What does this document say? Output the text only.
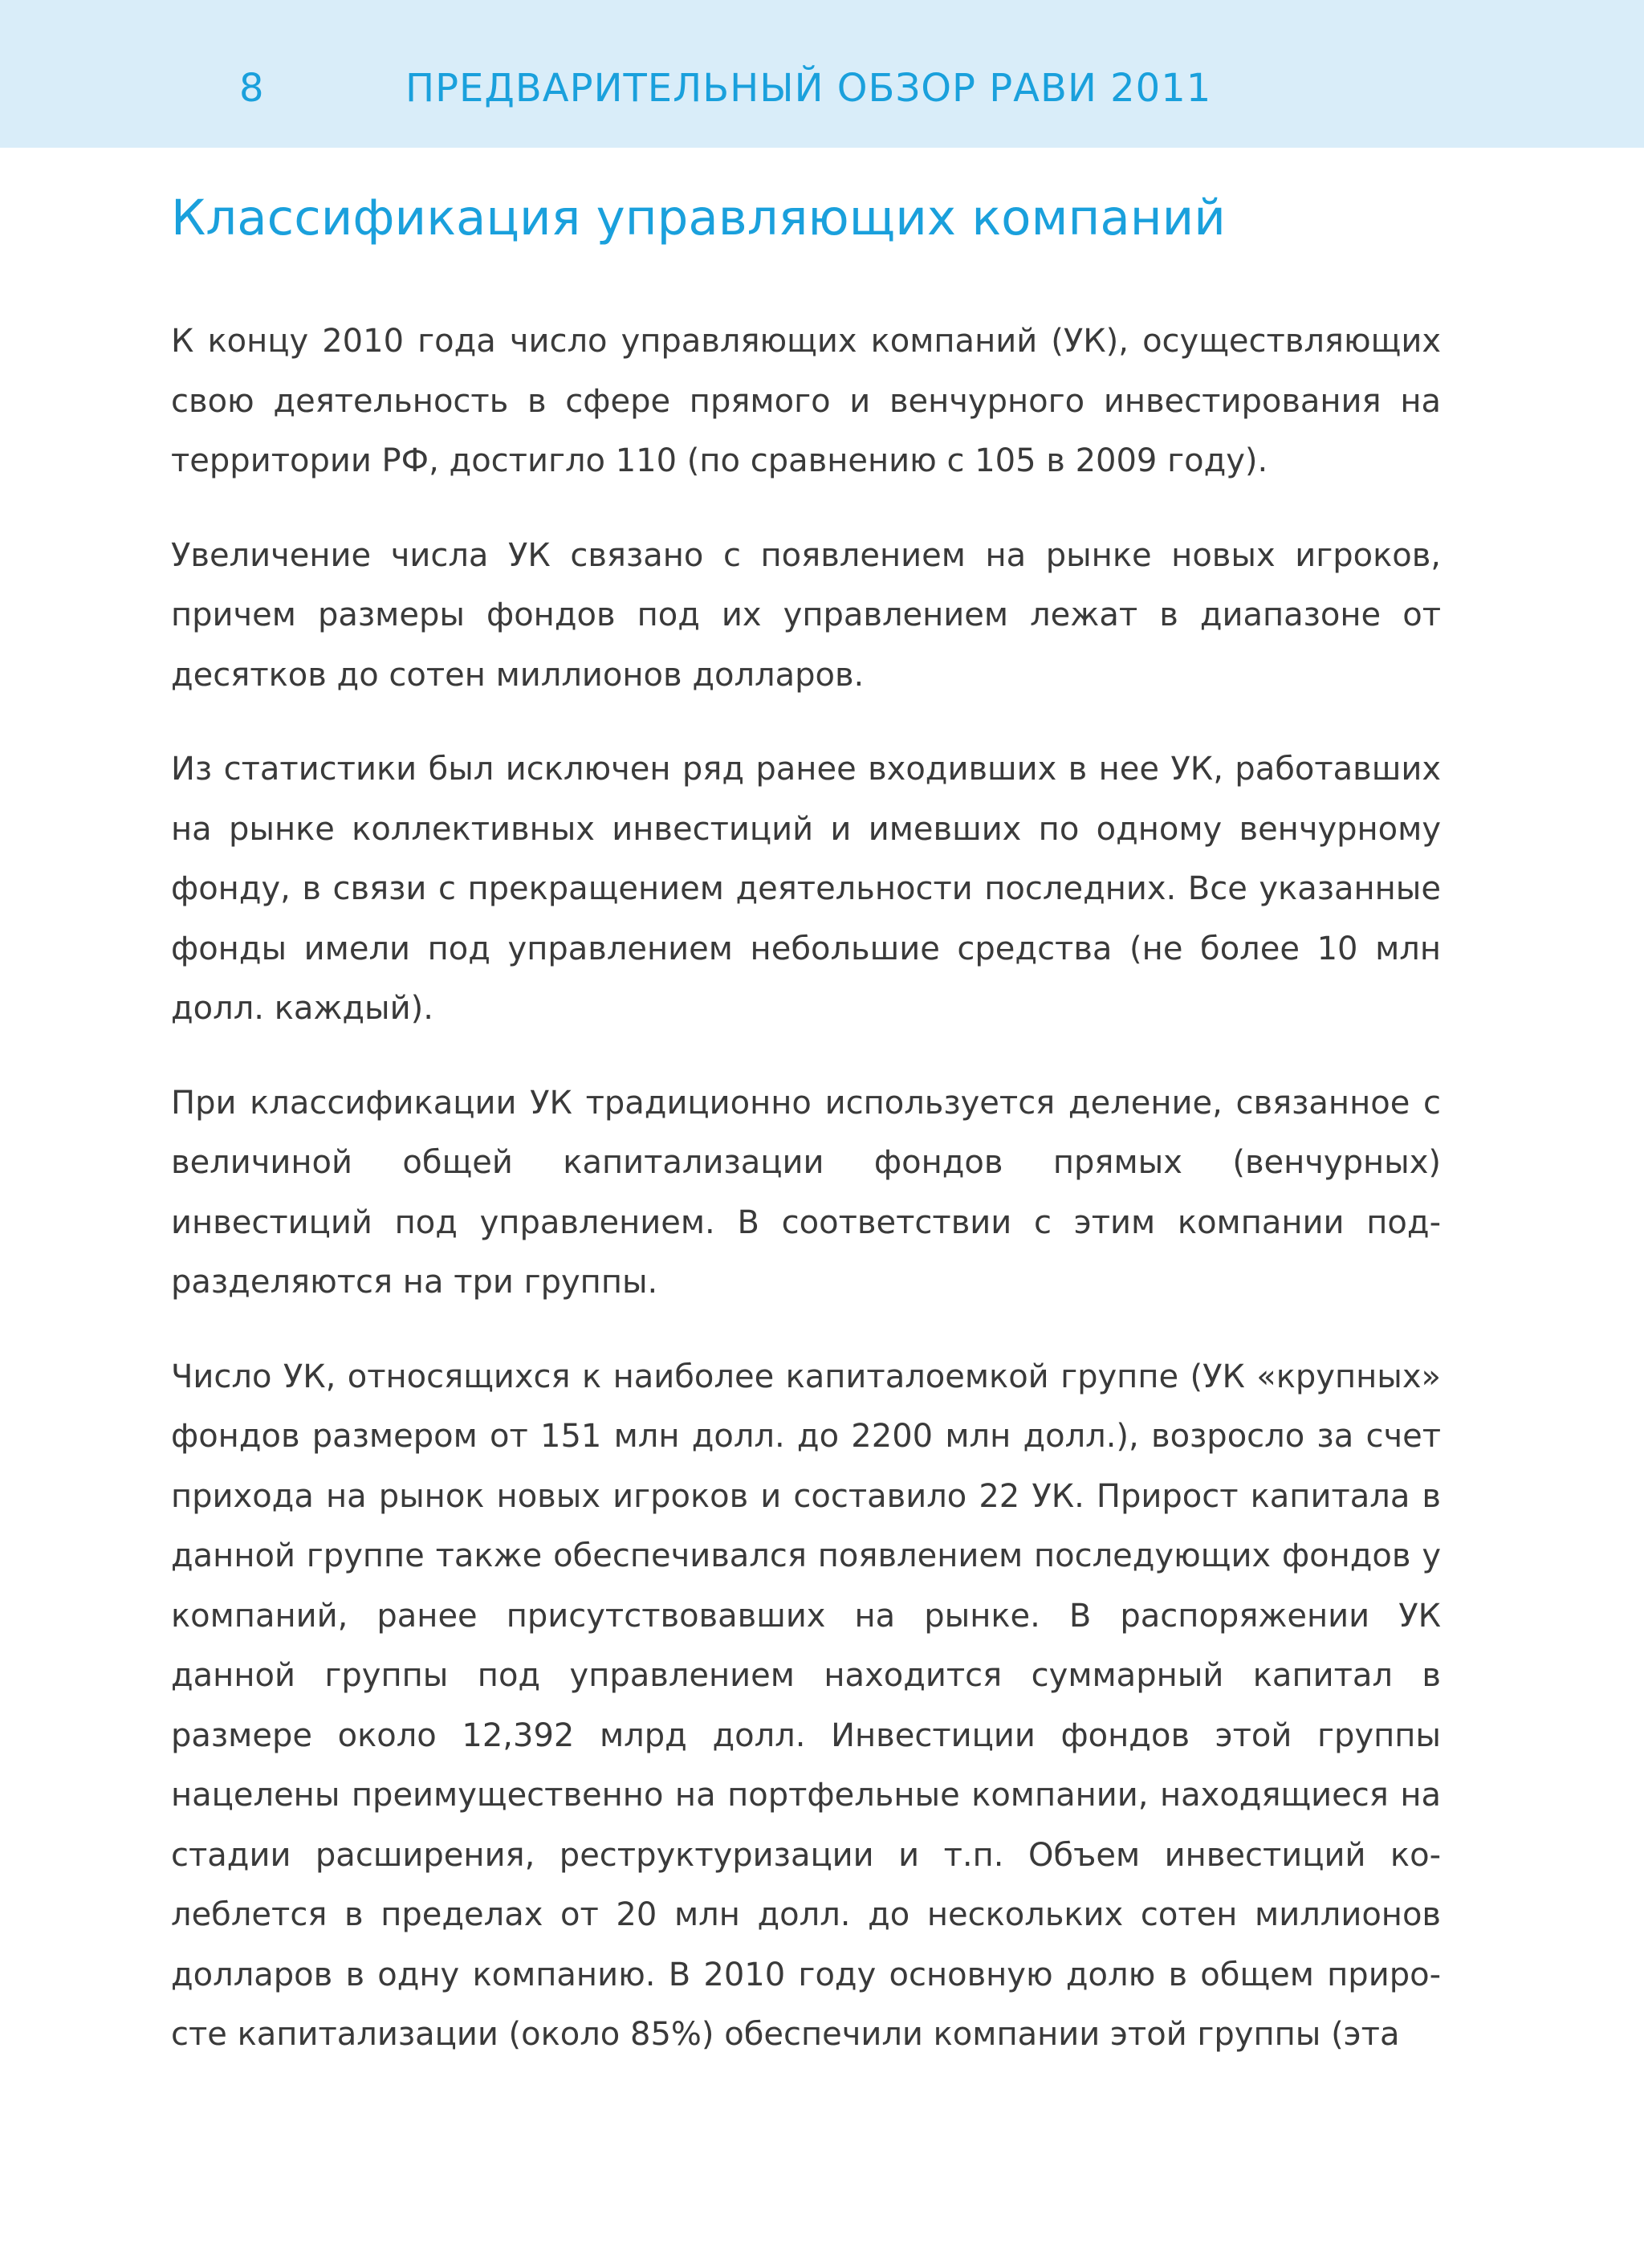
8	ПРЕДВАРИТЕЛЬНЫЙ ОБЗОР РАВИ 2011
Классификация управляющих компаний

К концу 2010 года число управляющих компаний (УК), осуществляющих свою деятельность в сфере прямого и венчурного инвестирования на территории РФ, достигло 110 (по сравнению с 105 в 2009 году).

Увеличение числа УК связано с появлением на рынке новых игроков, причем размеры фондов под их управлением лежат в диапазоне от десятков до сотен миллионов долларов.

Из статистики был исключен ряд ранее входивших в нее УК, работавших на рынке коллективных инвестиций и имевших по одному венчурному фонду, в связи с прекращением деятельности последних. Все указанные фонды имели под управлением небольшие средства (не более 10 млн долл. каждый).

При классификации УК традиционно используется деление, связанное с величиной общей капитализации фондов прямых (венчурных) инвестиций под управлением. В соответствии с этим компании подразделяются на три группы.

Число УК, относящихся к наиболее капиталоемкой группе (УК «крупных» фондов размером от 151 млн долл. до 2200 млн долл.), возросло за счет прихода на рынок новых игроков и составило 22 УК. Прирост капитала в данной группе также обеспечивался появлением последующих фондов у компаний, ранее присутствовавших на рынке. В распоряжении УК данной группы под управлением находится суммарный капитал в размере около 12,392 млрд долл. Инвестиции фондов этой группы нацелены преимущественно на портфельные компании, находящиеся на стадии расширения, реструктуризации и т.п. Объем инвестиций колеблется в пределах от 20 млн долл. до нескольких сотен миллионов долларов в одну компанию. В 2010 году основную долю в общем приросте капитализации (около 85%) обеспечили компании этой группы (эта
